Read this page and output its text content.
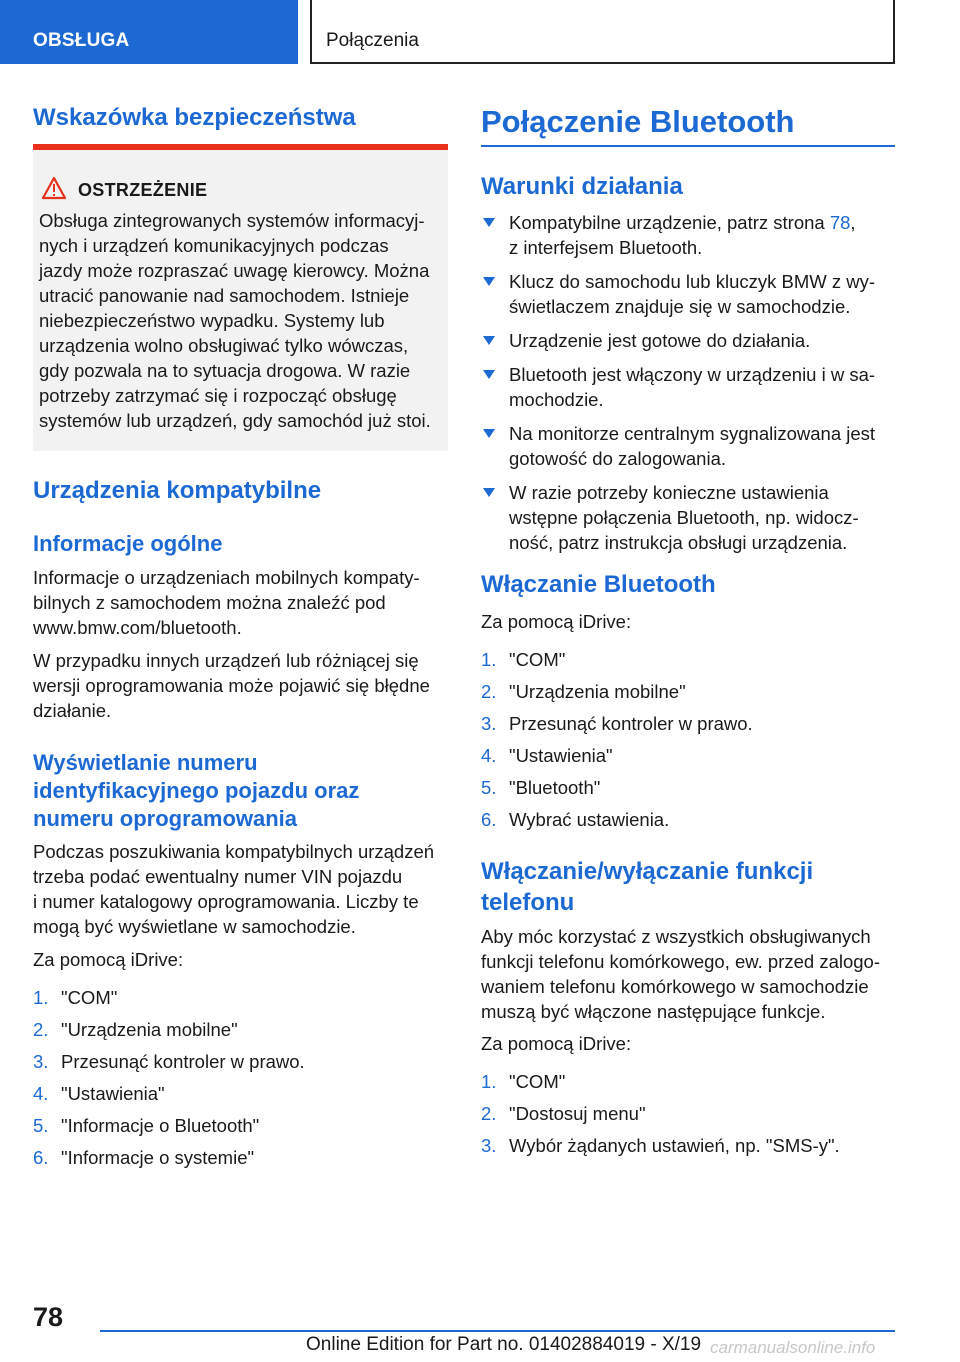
OBSŁUGA	Połączenia
Wskazówka bezpieczeństwa
OSTRZEŻENIE
Obsługa zintegrowanych systemów informacyj-
nych i urządzeń komunikacyjnych podczas
jazdy może rozpraszać uwagę kierowcy. Można
utracić panowanie nad samochodem. Istnieje
niebezpieczeństwo wypadku. Systemy lub
urządzenia wolno obsługiwać tylko wówczas,
gdy pozwala na to sytuacja drogowa. W razie
potrzeby zatrzymać się i rozpocząć obsługę
systemów lub urządzeń, gdy samochód już stoi.
Urządzenia kompatybilne
Informacje ogólne
Informacje o urządzeniach mobilnych kompaty-
bilnych z samochodem można znaleźć pod
www.bmw.com/bluetooth.
W przypadku innych urządzeń lub różniącej się
wersji oprogramowania może pojawić się błędne
działanie.
Wyświetlanie numeru
identyfikacyjnego pojazdu oraz
numeru oprogramowania
Podczas poszukiwania kompatybilnych urządzeń
trzeba podać ewentualny numer VIN pojazdu
i numer katalogowy oprogramowania. Liczby te
mogą być wyświetlane w samochodzie.
Za pomocą iDrive:
1. "COM"
2. "Urządzenia mobilne"
3. Przesunąć kontroler w prawo.
4. "Ustawienia"
5. "Informacje o Bluetooth"
6. "Informacje o systemie"
Połączenie Bluetooth
Warunki działania
Kompatybilne urządzenie, patrz strona 78,
z interfejsem Bluetooth.
Klucz do samochodu lub kluczyk BMW z wy-
świetlaczem znajduje się w samochodzie.
Urządzenie jest gotowe do działania.
Bluetooth jest włączony w urządzeniu i w sa-
mochodzie.
Na monitorze centralnym sygnalizowana jest
gotowość do zalogowania.
W razie potrzeby konieczne ustawienia
wstępne połączenia Bluetooth, np. widocz-
ność, patrz instrukcja obsługi urządzenia.
Włączanie Bluetooth
Za pomocą iDrive:
1. "COM"
2. "Urządzenia mobilne"
3. Przesunąć kontroler w prawo.
4. "Ustawienia"
5. "Bluetooth"
6. Wybrać ustawienia.
Włączanie/wyłączanie funkcji
telefonu
Aby móc korzystać z wszystkich obsługiwanych
funkcji telefonu komórkowego, ew. przed zalogo-
waniem telefonu komórkowego w samochodzie
muszą być włączone następujące funkcje.
Za pomocą iDrive:
1. "COM"
2. "Dostosuj menu"
3. Wybór żądanych ustawień, np. "SMS-y".
78
Online Edition for Part no. 01402884019 - X/19 carmanualsonline.info
